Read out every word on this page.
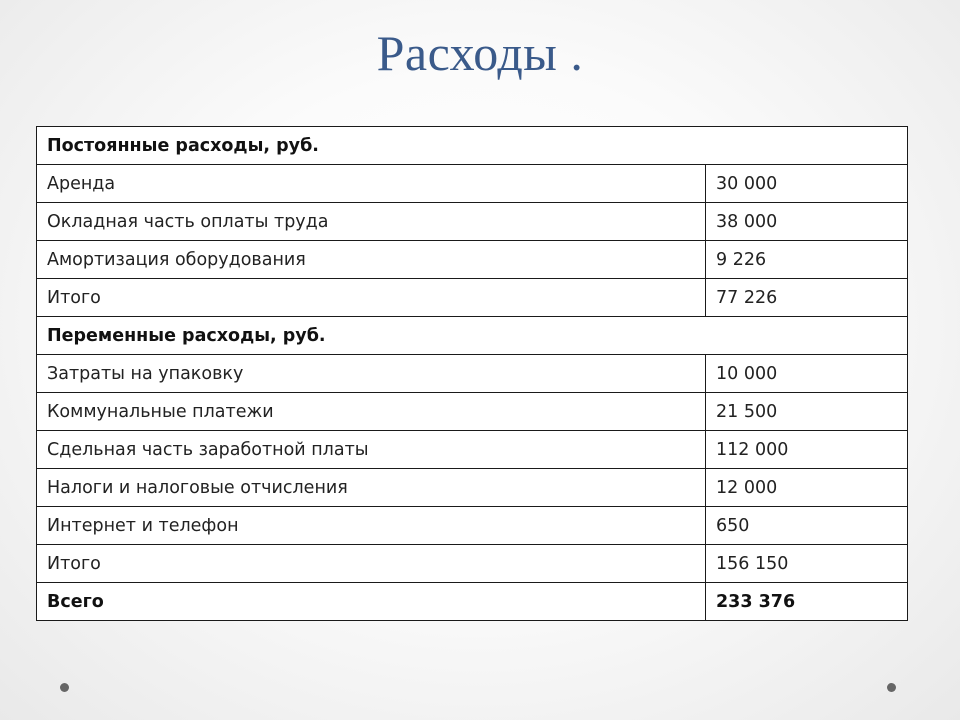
Расходы .
Постоянные расходы, руб.	
Аренда	30 000
Окладная часть оплаты труда	38 000
Амортизация оборудования	9 226
Итого	77 226
Переменные расходы, руб.	
Затраты на упаковку	10 000
Коммунальные платежи	21 500
Сдельная часть заработной платы	112 000
Налоги и налоговые отчисления	12 000
Интернет и телефон	650
Итого	156 150
Всего	233 376
